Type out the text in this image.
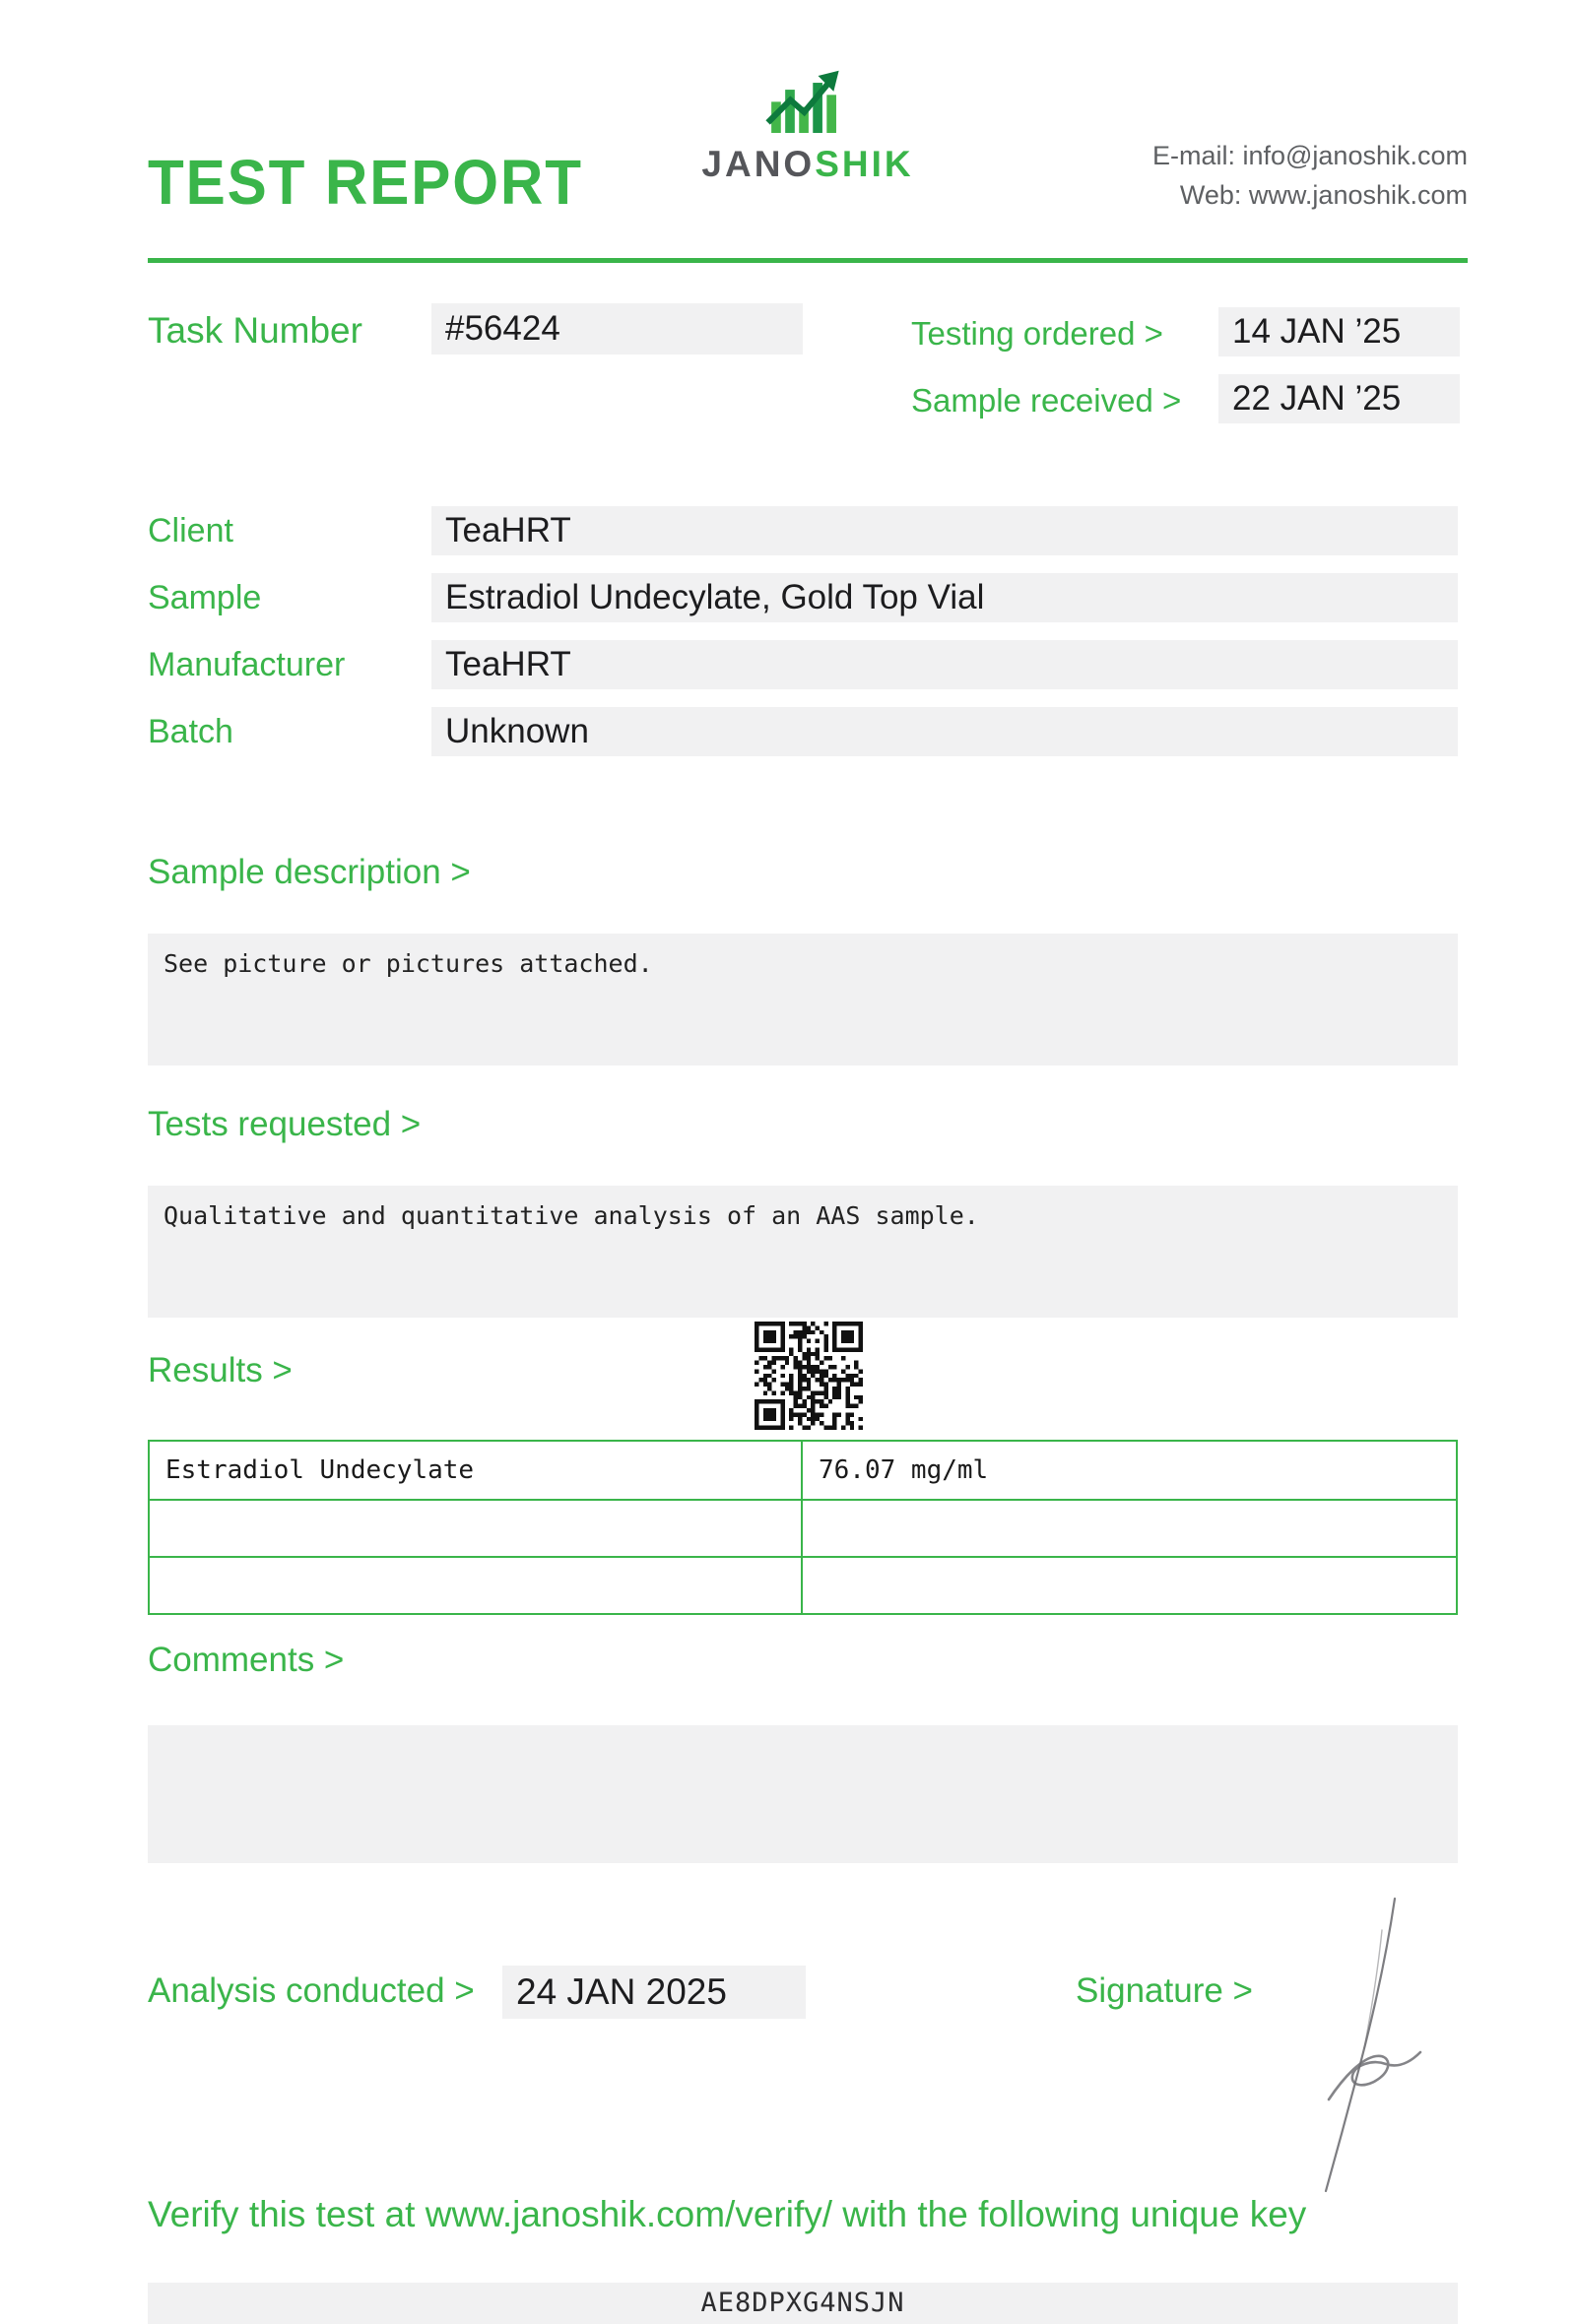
TEST REPORT	JANOSHIK	E-mail: info@janoshik.com
Web: www.janoshik.com
Task Number	#56424	Testing ordered >	14 JAN ’25
Sample received >	22 JAN ’25
Client	TeaHRT
Sample	Estradiol Undecylate, Gold Top Vial
Manufacturer	TeaHRT
Batch	Unknown
Sample description >
See picture or pictures attached.
Tests requested >
Qualitative and quantitative analysis of an AAS sample.
Results >
Estradiol Undecylate	76.07 mg/ml
Comments >
Analysis conducted >	24 JAN 2025	Signature >
Verify this test at www.janoshik.com/verify/ with the following unique key
AE8DPXG4NSJN
